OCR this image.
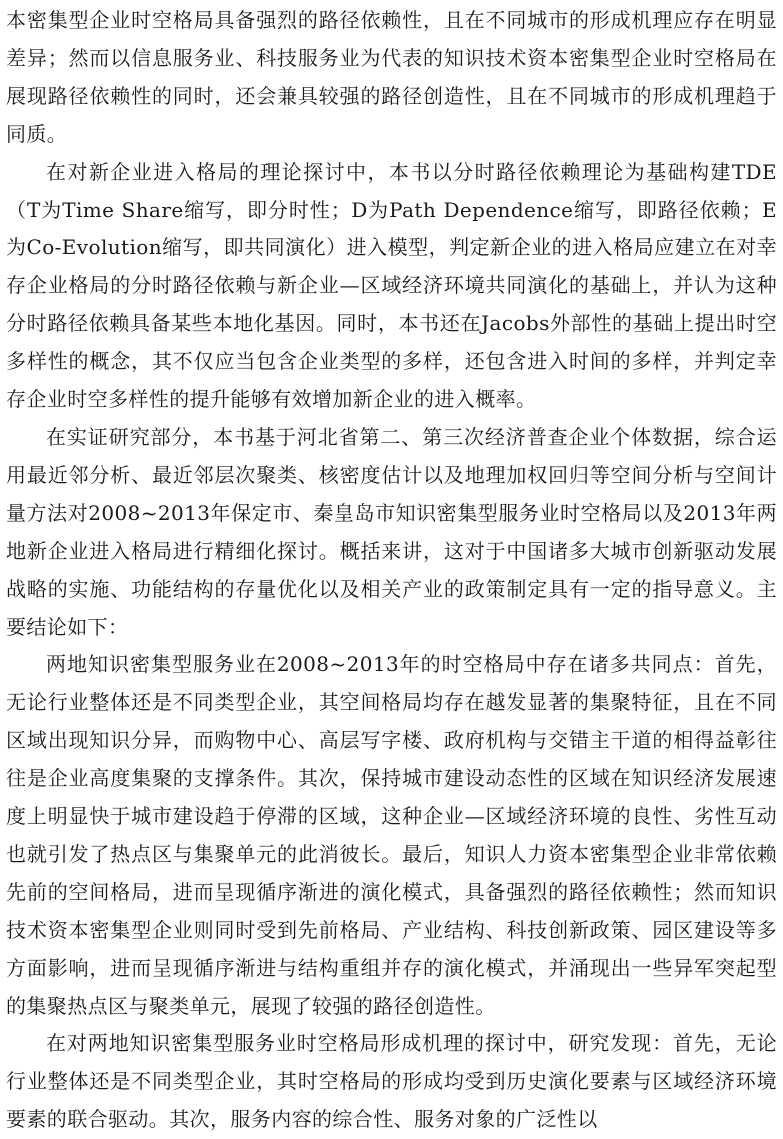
本密集型企业时空格局具备强烈的路径依赖性，且在不同城市的形成机理应存在明显差异；然而以信息服务业、科技服务业为代表的知识技术资本密集型企业时空格局在展现路径依赖性的同时，还会兼具较强的路径创造性，且在不同城市的形成机理趋于同质。

在对新企业进入格局的理论探讨中，本书以分时路径依赖理论为基础构建TDE（T为Time Share缩写，即分时性；D为Path Dependence缩写，即路径依赖；E为Co-Evolution缩写，即共同演化）进入模型，判定新企业的进入格局应建立在对幸存企业格局的分时路径依赖与新企业—区域经济环境共同演化的基础上，并认为这种分时路径依赖具备某些本地化基因。同时，本书还在Jacobs外部性的基础上提出时空多样性的概念，其不仅应当包含企业类型的多样，还包含进入时间的多样，并判定幸存企业时空多样性的提升能够有效增加新企业的进入概率。

在实证研究部分，本书基于河北省第二、第三次经济普查企业个体数据，综合运用最近邻分析、最近邻层次聚类、核密度估计以及地理加权回归等空间分析与空间计量方法对2008~2013年保定市、秦皇岛市知识密集型服务业时空格局以及2013年两地新企业进入格局进行精细化探讨。概括来讲，这对于中国诸多大城市创新驱动发展战略的实施、功能结构的存量优化以及相关产业的政策制定具有一定的指导意义。主要结论如下：

两地知识密集型服务业在2008~2013年的时空格局中存在诸多共同点：首先，无论行业整体还是不同类型企业，其空间格局均存在越发显著的集聚特征，且在不同区域出现知识分异，而购物中心、高层写字楼、政府机构与交错主干道的相得益彰往往是企业高度集聚的支撑条件。其次，保持城市建设动态性的区域在知识经济发展速度上明显快于城市建设趋于停滞的区域，这种企业—区域经济环境的良性、劣性互动也就引发了热点区与集聚单元的此消彼长。最后，知识人力资本密集型企业非常依赖先前的空间格局，进而呈现循序渐进的演化模式，具备强烈的路径依赖性；然而知识技术资本密集型企业则同时受到先前格局、产业结构、科技创新政策、园区建设等多方面影响，进而呈现循序渐进与结构重组并存的演化模式，并涌现出一些异军突起型的集聚热点区与聚类单元，展现了较强的路径创造性。

在对两地知识密集型服务业时空格局形成机理的探讨中，研究发现：首先，无论行业整体还是不同类型企业，其时空格局的形成均受到历史演化要素与区域经济环境要素的联合驱动。其次，服务内容的综合性、服务对象的广泛性以
